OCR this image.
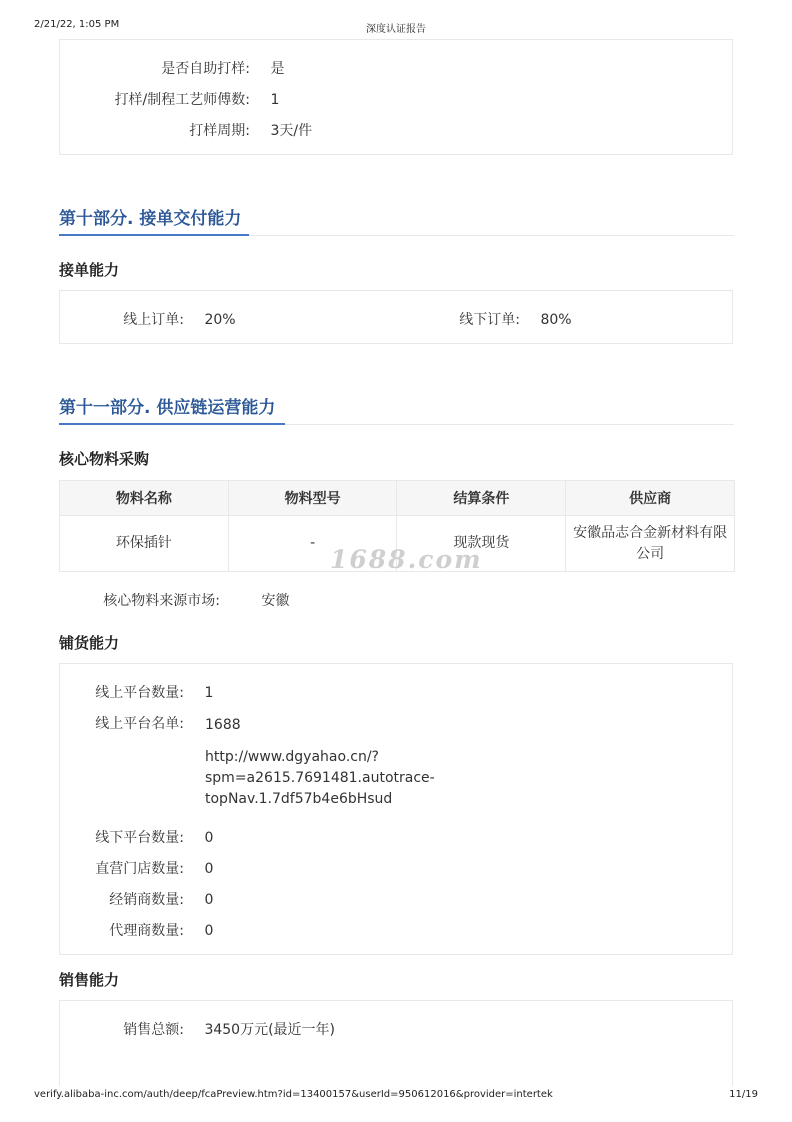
2/21/22, 1:05 PM	深度认证报告
verify.alibaba-inc.com/auth/deep/fcaPreview.htm?id=13400157&userId=950612016&provider=intertek	11/19
是否自助打样: 是
打样/制程工艺师傅数: 1
打样周期: 3天/件
第十部分. 接单交付能力
接单能力
线上订单: 20%	线下订单: 80%
第十一部分. 供应链运营能力
核心物料采购
物料名称	物料型号	结算条件	供应商
环保插针	-	现款现货	安徽品志合金新材料有限公司
1688.com
核心物料来源市场:	安徽
铺货能力
线上平台数量: 1
线上平台名单: 1688
http://www.dgyahao.cn/?
spm=a2615.7691481.autotrace-
topNav.1.7df57b4e6bHsud
线下平台数量: 0
直营门店数量: 0
经销商数量: 0
代理商数量: 0
销售能力
销售总额: 3450万元(最近一年)
